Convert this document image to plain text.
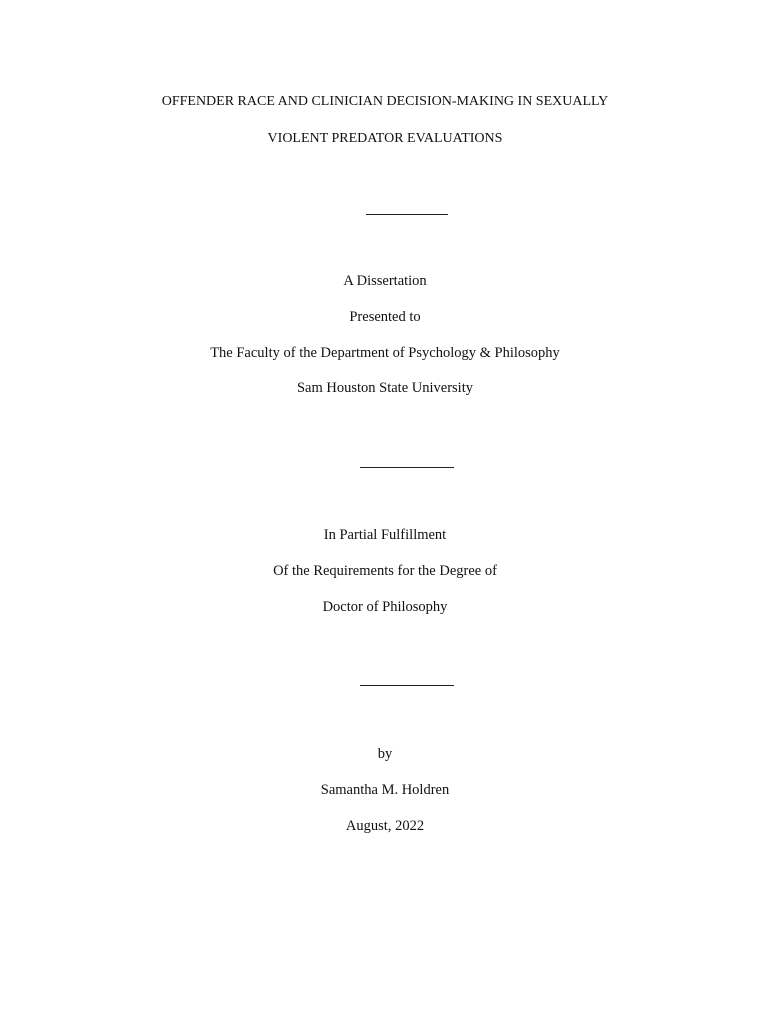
OFFENDER RACE AND CLINICIAN DECISION-MAKING IN SEXUALLY
VIOLENT PREDATOR EVALUATIONS
A Dissertation
Presented to
The Faculty of the Department of Psychology & Philosophy
Sam Houston State University
In Partial Fulfillment
Of the Requirements for the Degree of
Doctor of Philosophy
by
Samantha M. Holdren
August, 2022
